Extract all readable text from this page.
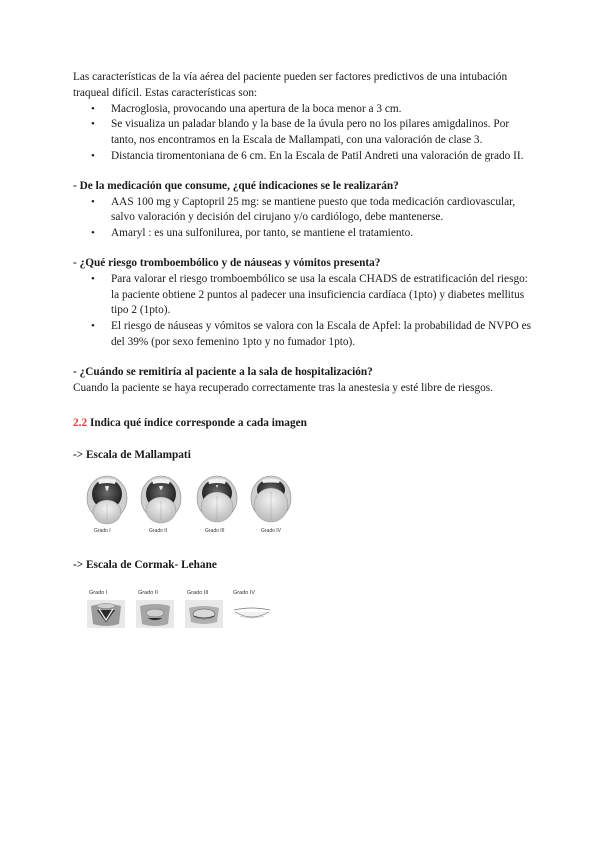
Las características de la vía aérea del paciente pueden ser factores predictivos de una intubación traqueal difícil. Estas características son:

• Macroglosia, provocando una apertura de la boca menor a 3 cm.
• Se visualiza un paladar blando y la base de la úvula pero no los pilares amigdalinos. Por tanto, nos encontramos en la Escala de Mallampati, con una valoración de clase 3.
• Distancia tiromentoniana de 6 cm. En la Escala de Patil Andreti una valoración de grado II.

- De la medicación que consume, ¿qué indicaciones se le realizarán?

• AAS 100 mg y Captopril 25 mg: se mantiene puesto que toda medicación cardiovascular, salvo valoración y decisión del cirujano y/o cardiólogo, debe mantenerse.
• Amaryl : es una sulfonilurea, por tanto, se mantiene el tratamiento.

- ¿Qué riesgo tromboembólico y de náuseas y vómitos presenta?

• Para valorar el riesgo tromboembólico se usa la escala CHADS de estratificación del riesgo: la paciente obtiene 2 puntos al padecer una insuficiencia cardíaca (1pto) y diabetes mellitus tipo 2 (1pto).
• El riesgo de náuseas y vómitos se valora con la Escala de Apfel: la probabilidad de NVPO es del 39% (por sexo femenino 1pto y no fumador 1pto).

- ¿Cuándo se remitiría al paciente a la sala de hospitalización?

Cuando la paciente se haya recuperado correctamente tras la anestesia y esté libre de riesgos.

2.2 Indica qué índice corresponde a cada imagen

-> Escala de Mallampati

Grado I	Grado II	Grado III	Grado IV

-> Escala de Cormak- Lehane

Grado I	Grado II	Grado III	Grado IV
